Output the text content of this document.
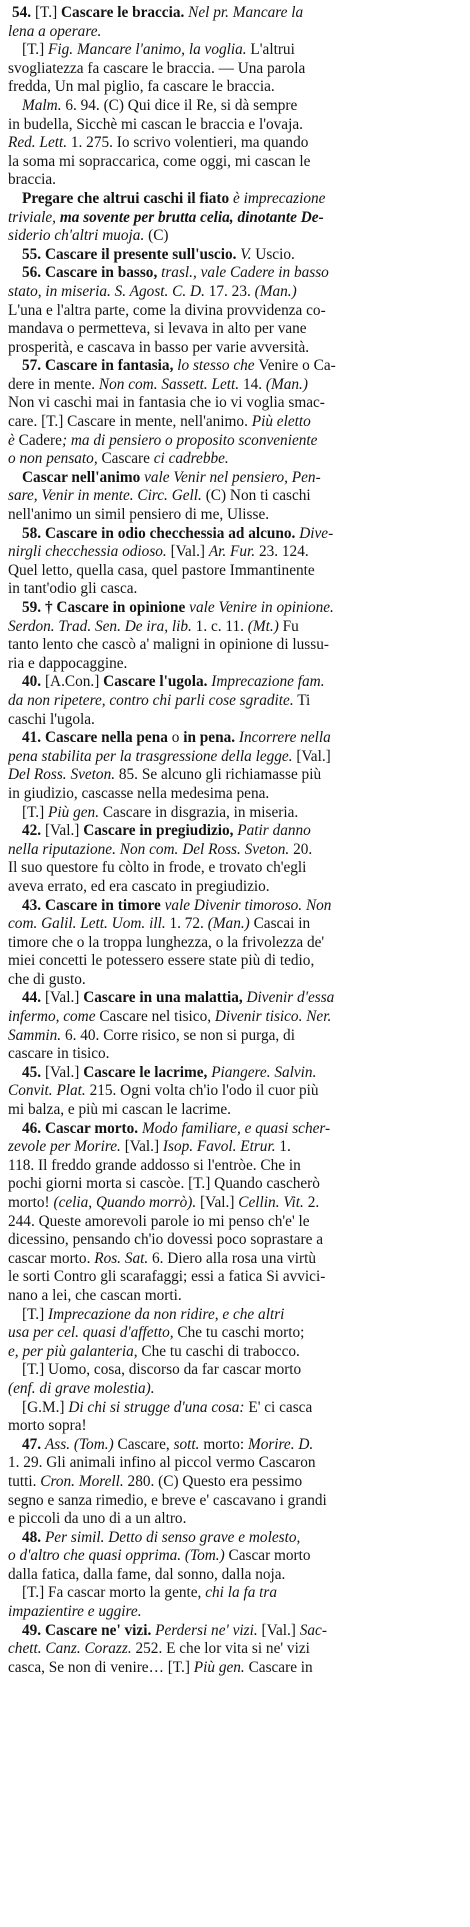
54. [T.] Cascare le braccia. Nel pr. Mancare la
lena a operare.
[T.] Fig. Mancare l'animo, la voglia. L'altrui
svogliatezza fa cascare le braccia. — Una parola
fredda, Un mal piglio, fa cascare le braccia.
Malm. 6. 94. (C) Qui dice il Re, si dà sempre
in budella, Sicchè mi cascan le braccia e l'ovaja.
Red. Lett. 1. 275. Io scrivo volentieri, ma quando
la soma mi sopraccarica, come oggi, mi cascan le
braccia.
Pregare che altrui caschi il fiato è imprecazione
triviale, ma sovente per brutta celia, dinotante De-
siderio ch'altri muoja. (C)
55. Cascare il presente sull'uscio. V. Uscio.
56. Cascare in basso, trasl., vale Cadere in basso
stato, in miseria. S. Agost. C. D. 17. 23. (Man.)
L'una e l'altra parte, come la divina provvidenza co-
mandava o permetteva, si levava in alto per vane
prosperità, e cascava in basso per varie avversità.
57. Cascare in fantasia, lo stesso che Venire o Ca-
dere in mente. Non com. Sassett. Lett. 14. (Man.)
Non vi caschi mai in fantasia che io vi voglia smac-
care. [T.] Cascare in mente, nell'animo. Più eletto
è Cadere; ma di pensiero o proposito sconveniente
o non pensato, Cascare ci cadrebbe.
Cascar nell'animo vale Venir nel pensiero, Pen-
sare, Venir in mente. Circ. Gell. (C) Non ti caschi
nell'animo un simil pensiero di me, Ulisse.
58. Cascare in odio checchessia ad alcuno. Dive-
nirgli checchessia odioso. [Val.] Ar. Fur. 23. 124.
Quel letto, quella casa, quel pastore Immantinente
in tant'odio gli casca.
59. † Cascare in opinione vale Venire in opinione.
Serdon. Trad. Sen. De ira, lib. 1. c. 11. (Mt.) Fu
tanto lento che cascò a' maligni in opinione di lussu-
ria e dappocaggine.
40. [A.Con.] Cascare l'ugola. Imprecazione fam.
da non ripetere, contro chi parli cose sgradite. Ti
caschi l'ugola.
41. Cascare nella pena o in pena. Incorrere nella
pena stabilita per la trasgressione della legge. [Val.]
Del Ross. Sveton. 85. Se alcuno gli richiamasse più
in giudizio, cascasse nella medesima pena.
[T.] Più gen. Cascare in disgrazia, in miseria.
42. [Val.] Cascare in pregiudizio, Patir danno
nella riputazione. Non com. Del Ross. Sveton. 20.
Il suo questore fu còlto in frode, e trovato ch'egli
aveva errato, ed era cascato in pregiudizio.
43. Cascare in timore vale Divenir timoroso. Non
com. Galil. Lett. Uom. ill. 1. 72. (Man.) Cascai in
timore che o la troppa lunghezza, o la frivolezza de'
miei concetti le potessero essere state più di tedio,
che di gusto.
44. [Val.] Cascare in una malattia, Divenir d'essa
infermo, come Cascare nel tisico, Divenir tisico. Ner.
Sammin. 6. 40. Corre risico, se non si purga, di
cascare in tisico.
45. [Val.] Cascare le lacrime, Piangere. Salvin.
Convit. Plat. 215. Ogni volta ch'io l'odo il cuor più
mi balza, e più mi cascan le lacrime.
46. Cascar morto. Modo familiare, e quasi scher-
zevole per Morire. [Val.] Isop. Favol. Etrur. 1.
118. Il freddo grande addosso si l'entròe. Che in
pochi giorni morta si cascòe. [T.] Quando cascherò
morto! (celia, Quando morrò). [Val.] Cellin. Vit. 2.
244. Queste amorevoli parole io mi penso ch'e' le
dicessino, pensando ch'io dovessi poco soprastare a
cascar morto. Ros. Sat. 6. Diero alla rosa una virtù
le sorti Contro gli scarafaggi; essi a fatica Si avvici-
nano a lei, che cascan morti.
[T.] Imprecazione da non ridire, e che altri
usa per cel. quasi d'affetto, Che tu caschi morto;
e, per più galanteria, Che tu caschi di trabocco.
[T.] Uomo, cosa, discorso da far cascar morto
(enf. di grave molestia).
[G.M.] Di chi si strugge d'una cosa: E' ci casca
morto sopra!
47. Ass. (Tom.) Cascare, sott. morto: Morire. D.
1. 29. Gli animali infino al piccol vermo Cascaron
tutti. Cron. Morell. 280. (C) Questo era pessimo
segno e sanza rimedio, e breve e' cascavano i grandi
e piccoli da uno di a un altro.
48. Per simil. Detto di senso grave e molesto,
o d'altro che quasi opprima. (Tom.) Cascar morto
dalla fatica, dalla fame, dal sonno, dalla noja.
[T.] Fa cascar morto la gente, chi la fa tra
impazientire e uggire.
49. Cascare ne' vizi. Perdersi ne' vizi. [Val.] Sac-
chett. Canz. Corazz. 252. E che lor vita si ne' vizi
casca, Se non di venire… [T.] Più gen. Cascare in
